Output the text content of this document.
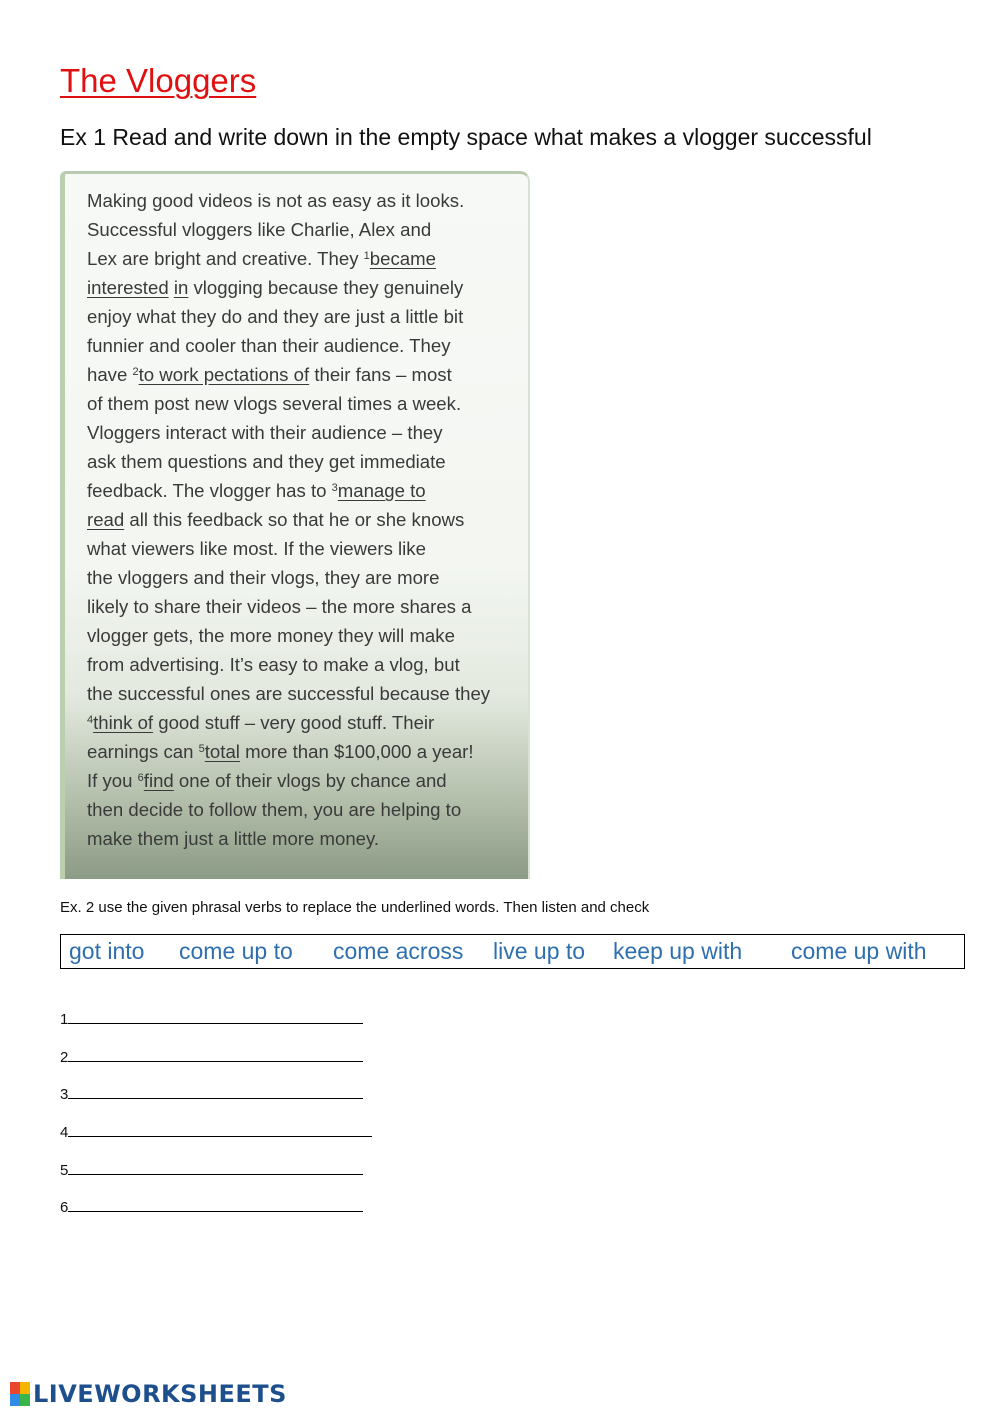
The Vloggers
Ex 1 Read and write down in the empty space what makes a vlogger successful
Making good videos is not as easy as it looks.
Successful vloggers like Charlie, Alex and
Lex are bright and creative. They $^1$became
interested in vlogging because they genuinely
enjoy what they do and they are just a little bit
funnier and cooler than their audience. They
have $^2$to work pectations of their fans – most
of them post new vlogs several times a week.
Vloggers interact with their audience – they
ask them questions and they get immediate
feedback. The vlogger has to $^3$manage to
read all this feedback so that he or she knows
what viewers like most. If the viewers like
the vloggers and their vlogs, they are more
likely to share their videos – the more shares a
vlogger gets, the more money they will make
from advertising. It’s easy to make a vlog, but
the successful ones are successful because they
$^4$think of good stuff – very good stuff. Their
earnings can $^5$total more than $100,000 a year!
If you $^6$find one of their vlogs by chance and
then decide to follow them, you are helping to
make them just a little more money.
Ex. 2 use the given phrasal verbs to replace the underlined words. Then listen and check
got into come up to come across live up to keep up with come up with
1
2
3
4
5
6
LIVEWORKSHEETS
